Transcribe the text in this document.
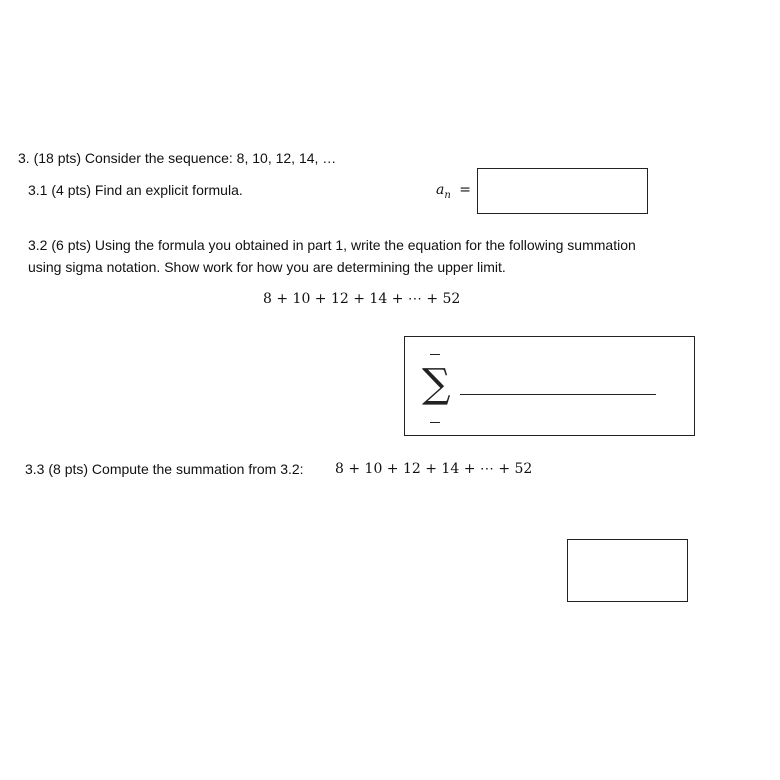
3. (18 pts) Consider the sequence: 8, 10, 12, 14, …
3.1 (4 pts) Find an explicit formula.	$a_n$ =
3.2 (6 pts) Using the formula you obtained in part 1, write the equation for the following summation
using sigma notation. Show work for how you are determining the upper limit.
8 + 10 + 12 + 14 + ⋯ + 52
∑
3.3 (8 pts) Compute the summation from 3.2: 8 + 10 + 12 + 14 + ⋯ + 52
